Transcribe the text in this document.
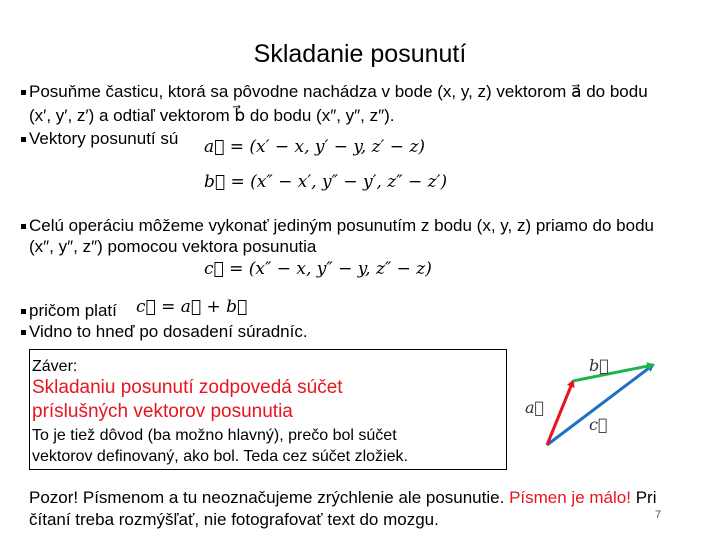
Skladanie posunutí
Posuňme časticu, ktorá sa pôvodne nachádza v bode (x, y, z) vektorom a⃗ do bodu
(x′, y′, z′) a odtiaľ vektorom b⃗ do bodu (x″, y″, z″).
Vektory posunutí sú a⃗ = (x′ − x, y′ − y, z′ − z)
b⃗ = (x″ − x′, y″ − y′, z″ − z′)
Celú operáciu môžeme vykonať jediným posunutím z bodu (x, y, z) priamo do bodu
(x″, y″, z″) pomocou vektora posunutia
c⃗ = (x″ − x, y″ − y, z″ − z)
pričom platí c⃗ = a⃗ + b⃗
Vidno to hneď po dosadení súradníc.
Záver:
Skladaniu posunutí zodpovedá súčet
príslušných vektorov posunutia
To je tiež dôvod (ba možno hlavný), prečo bol súčet
vektorov definovaný, ako bol. Teda cez súčet zložiek.
a⃗
b⃗
c⃗
Pozor! Písmenom a tu neoznačujeme zrýchlenie ale posunutie. Písmen je málo! Pri
čítaní treba rozmýšľať, nie fotografovať text do mozgu.	7
